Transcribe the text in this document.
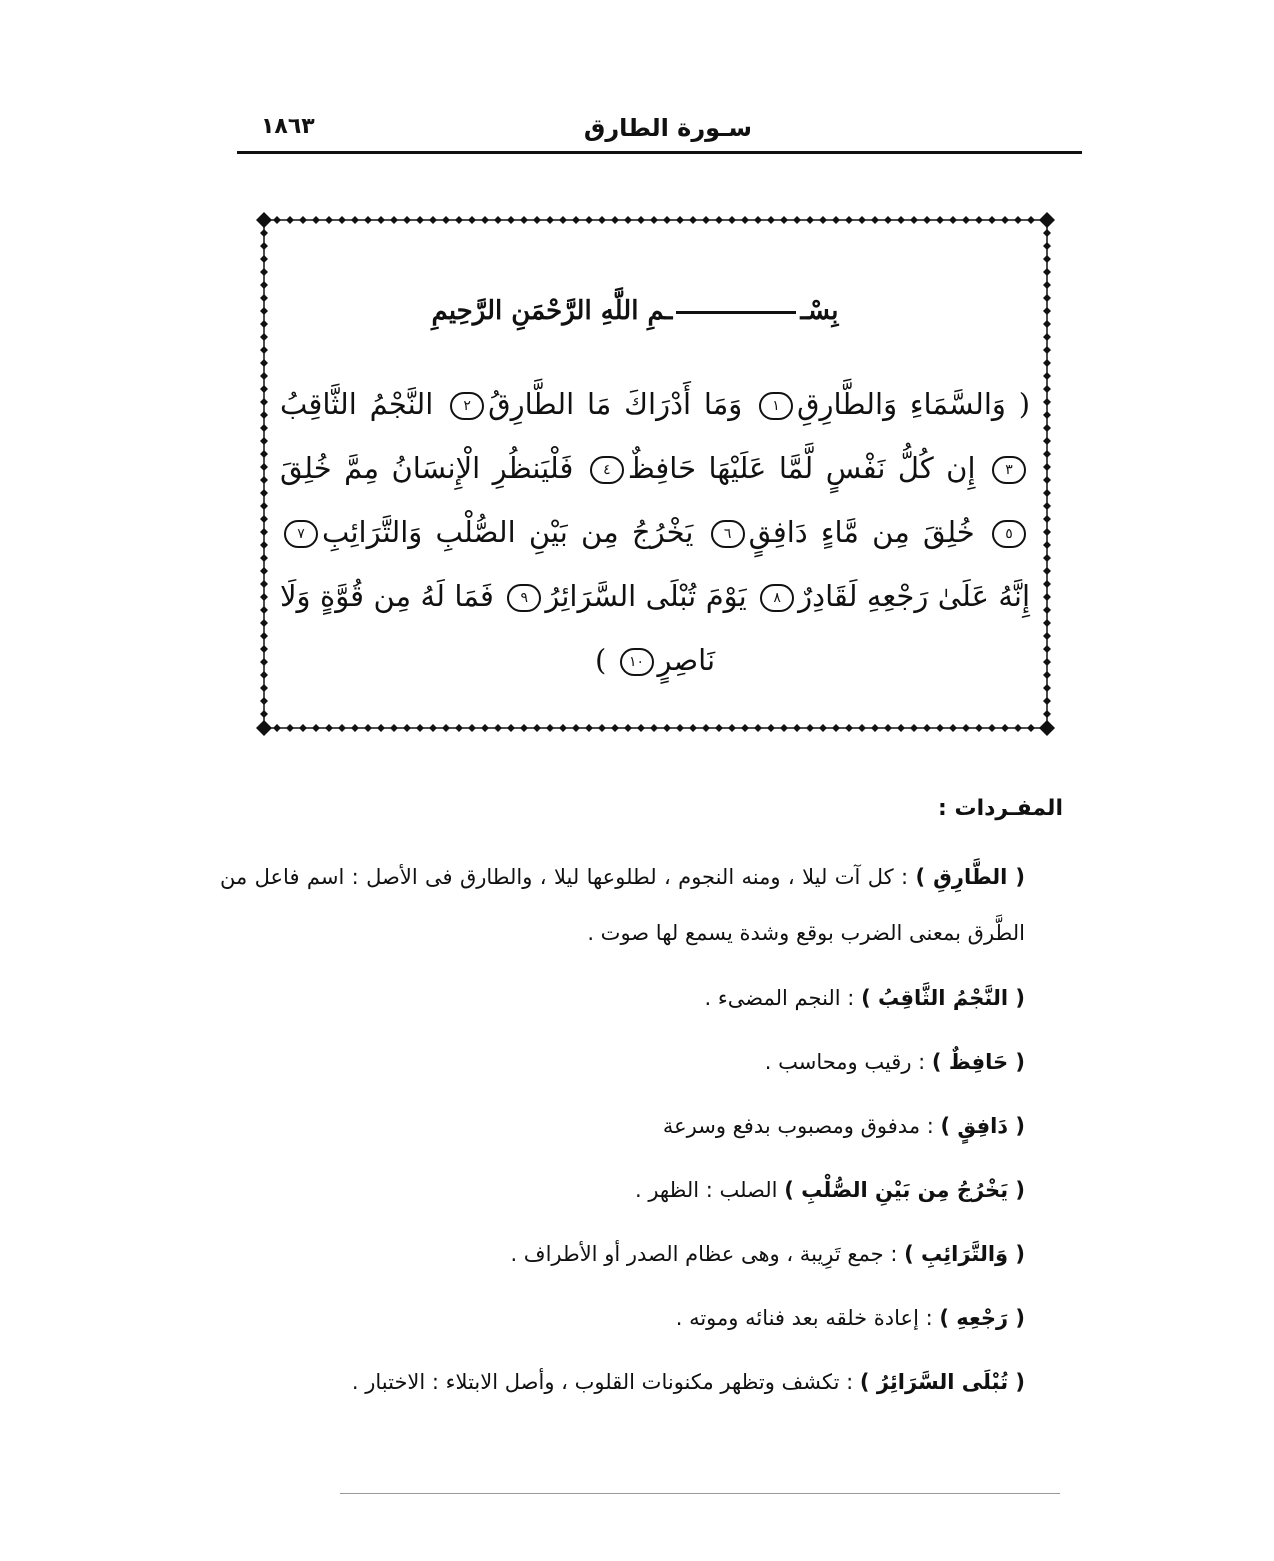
سـورة الطارق
١٨٦٣
بِسْــمِ اللَّهِ الرَّحْمَنِ الرَّحِيمِ
( وَالسَّمَاءِ وَالطَّارِقِ١ وَمَا أَدْرَاكَ مَا الطَّارِقُ٢ النَّجْمُ الثَّاقِبُ٣ إِن كُلُّ نَفْسٍ لَّمَّا عَلَيْهَا حَافِظٌ٤ فَلْيَنظُرِ الْإِنسَانُ مِمَّ خُلِقَ٥ خُلِقَ مِن مَّاءٍ دَافِقٍ٦ يَخْرُجُ مِن بَيْنِ الصُّلْبِ وَالتَّرَائِبِ٧ إِنَّهُ عَلَىٰ رَجْعِهِ لَقَادِرٌ٨ يَوْمَ تُبْلَى السَّرَائِرُ٩ فَمَا لَهُ مِن قُوَّةٍ وَلَا نَاصِرٍ١٠ )
المفـردات :
( الطَّارِقِ ) : كل آت ليلا ، ومنه النجوم ، لطلوعها ليلا ، والطارق فى الأصل : اسم فاعل من الطَّرق بمعنى الضرب بوقع وشدة يسمع لها صوت .
( النَّجْمُ الثَّاقِبُ ) : النجم المضىء .
( حَافِظٌ ) : رقيب ومحاسب .
( دَافِقٍ ) : مدفوق ومصبوب بدفع وسرعة
( يَخْرُجُ مِن بَيْنِ الصُّلْبِ ) الصلب : الظهر .
( وَالتَّرَائِبِ ) : جمع تَرِيبة ، وهى عظام الصدر أو الأطراف .
( رَجْعِهِ ) : إعادة خلقه بعد فنائه وموته .
( تُبْلَى السَّرَائِرُ ) : تكشف وتظهر مكنونات القلوب ، وأصل الابتلاء : الاختبار .
